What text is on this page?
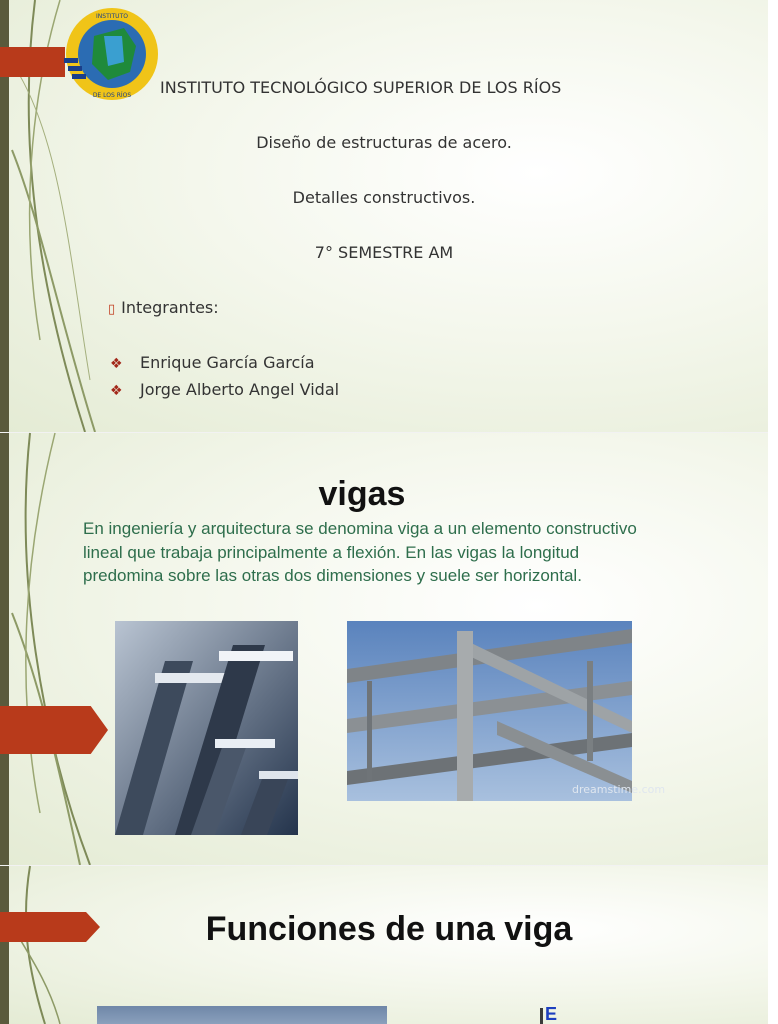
INSTITUTO
DE LOS RÍOS INSTITUTO TECNOLÓGICO SUPERIOR DE LOS RÍOS
Diseño de estructuras de acero.
Detalles constructivos.
7° SEMESTRE AM
▯ Integrantes:
❖ Enrique García García
❖ Jorge Alberto Angel Vidal
vigas
En ingeniería y arquitectura se denomina viga a un elemento constructivo lineal que trabaja principalmente a flexión. En las vigas la longitud predomina sobre las otras dos dimensiones y suele ser horizontal.
dreamstime.com
Funciones de una viga
E
